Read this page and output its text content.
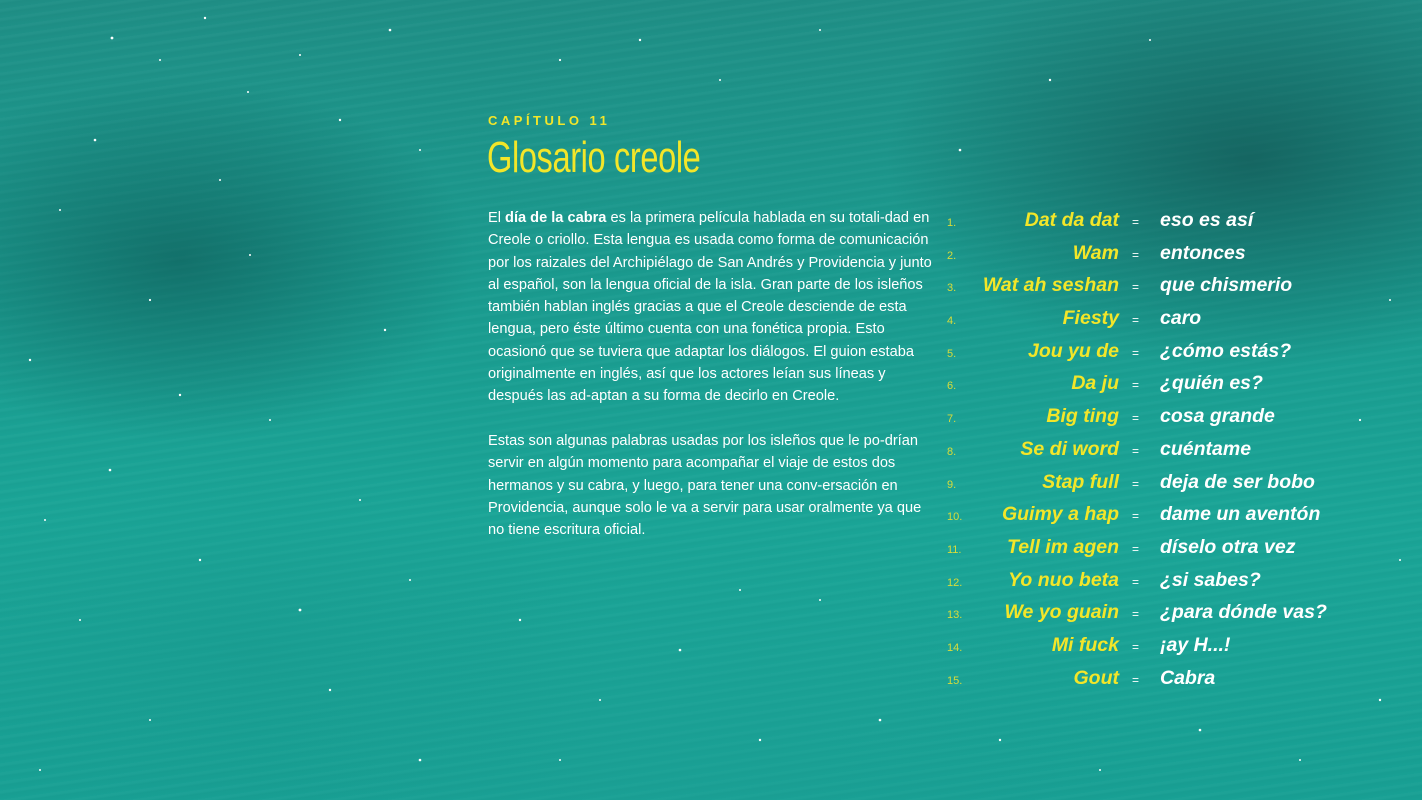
CAPÍTULO 11
Glosario creole

El día de la cabra es la primera película hablada en su totali-dad en Creole o criollo. Esta lengua es usada como forma de comunicación por los raizales del Archipiélago de San Andrés y Providencia y junto al español, son la lengua oficial de la isla. Gran parte de los isleños también hablan inglés gracias a que el Creole desciende de esta lengua, pero éste último cuenta con una fonética propia. Esto ocasionó que se tuviera que adaptar los diálogos. El guion estaba originalmente en inglés, así que los actores leían sus líneas y después las ad-aptan a su forma de decirlo en Creole.

Estas son algunas palabras usadas por los isleños que le po-drían servir en algún momento para acompañar el viaje de estos dos hermanos y su cabra, y luego, para tener una conv-ersación en Providencia, aunque solo le va a servir para usar oralmente ya que no tiene escritura oficial.

1.	Dat da dat = eso es así
2.	Wam = entonces
3. Wat ah seshan = que chismerio
4.	Fiesty = caro
5.	Jou yu de = ¿cómo estás?
6.	Da ju = ¿quién es?
7.	Big ting = cosa grande
8.	Se di word = cuéntame
9.	Stap full = deja de ser bobo
10. Guimy a hap = dame un aventón
11. Tell im agen = díselo otra vez
12. Yo nuo beta = ¿si sabes?
13. We yo guain = ¿para dónde vas?
14.	Mi fuck = ¡ay H...!
15.	Gout = Cabra
